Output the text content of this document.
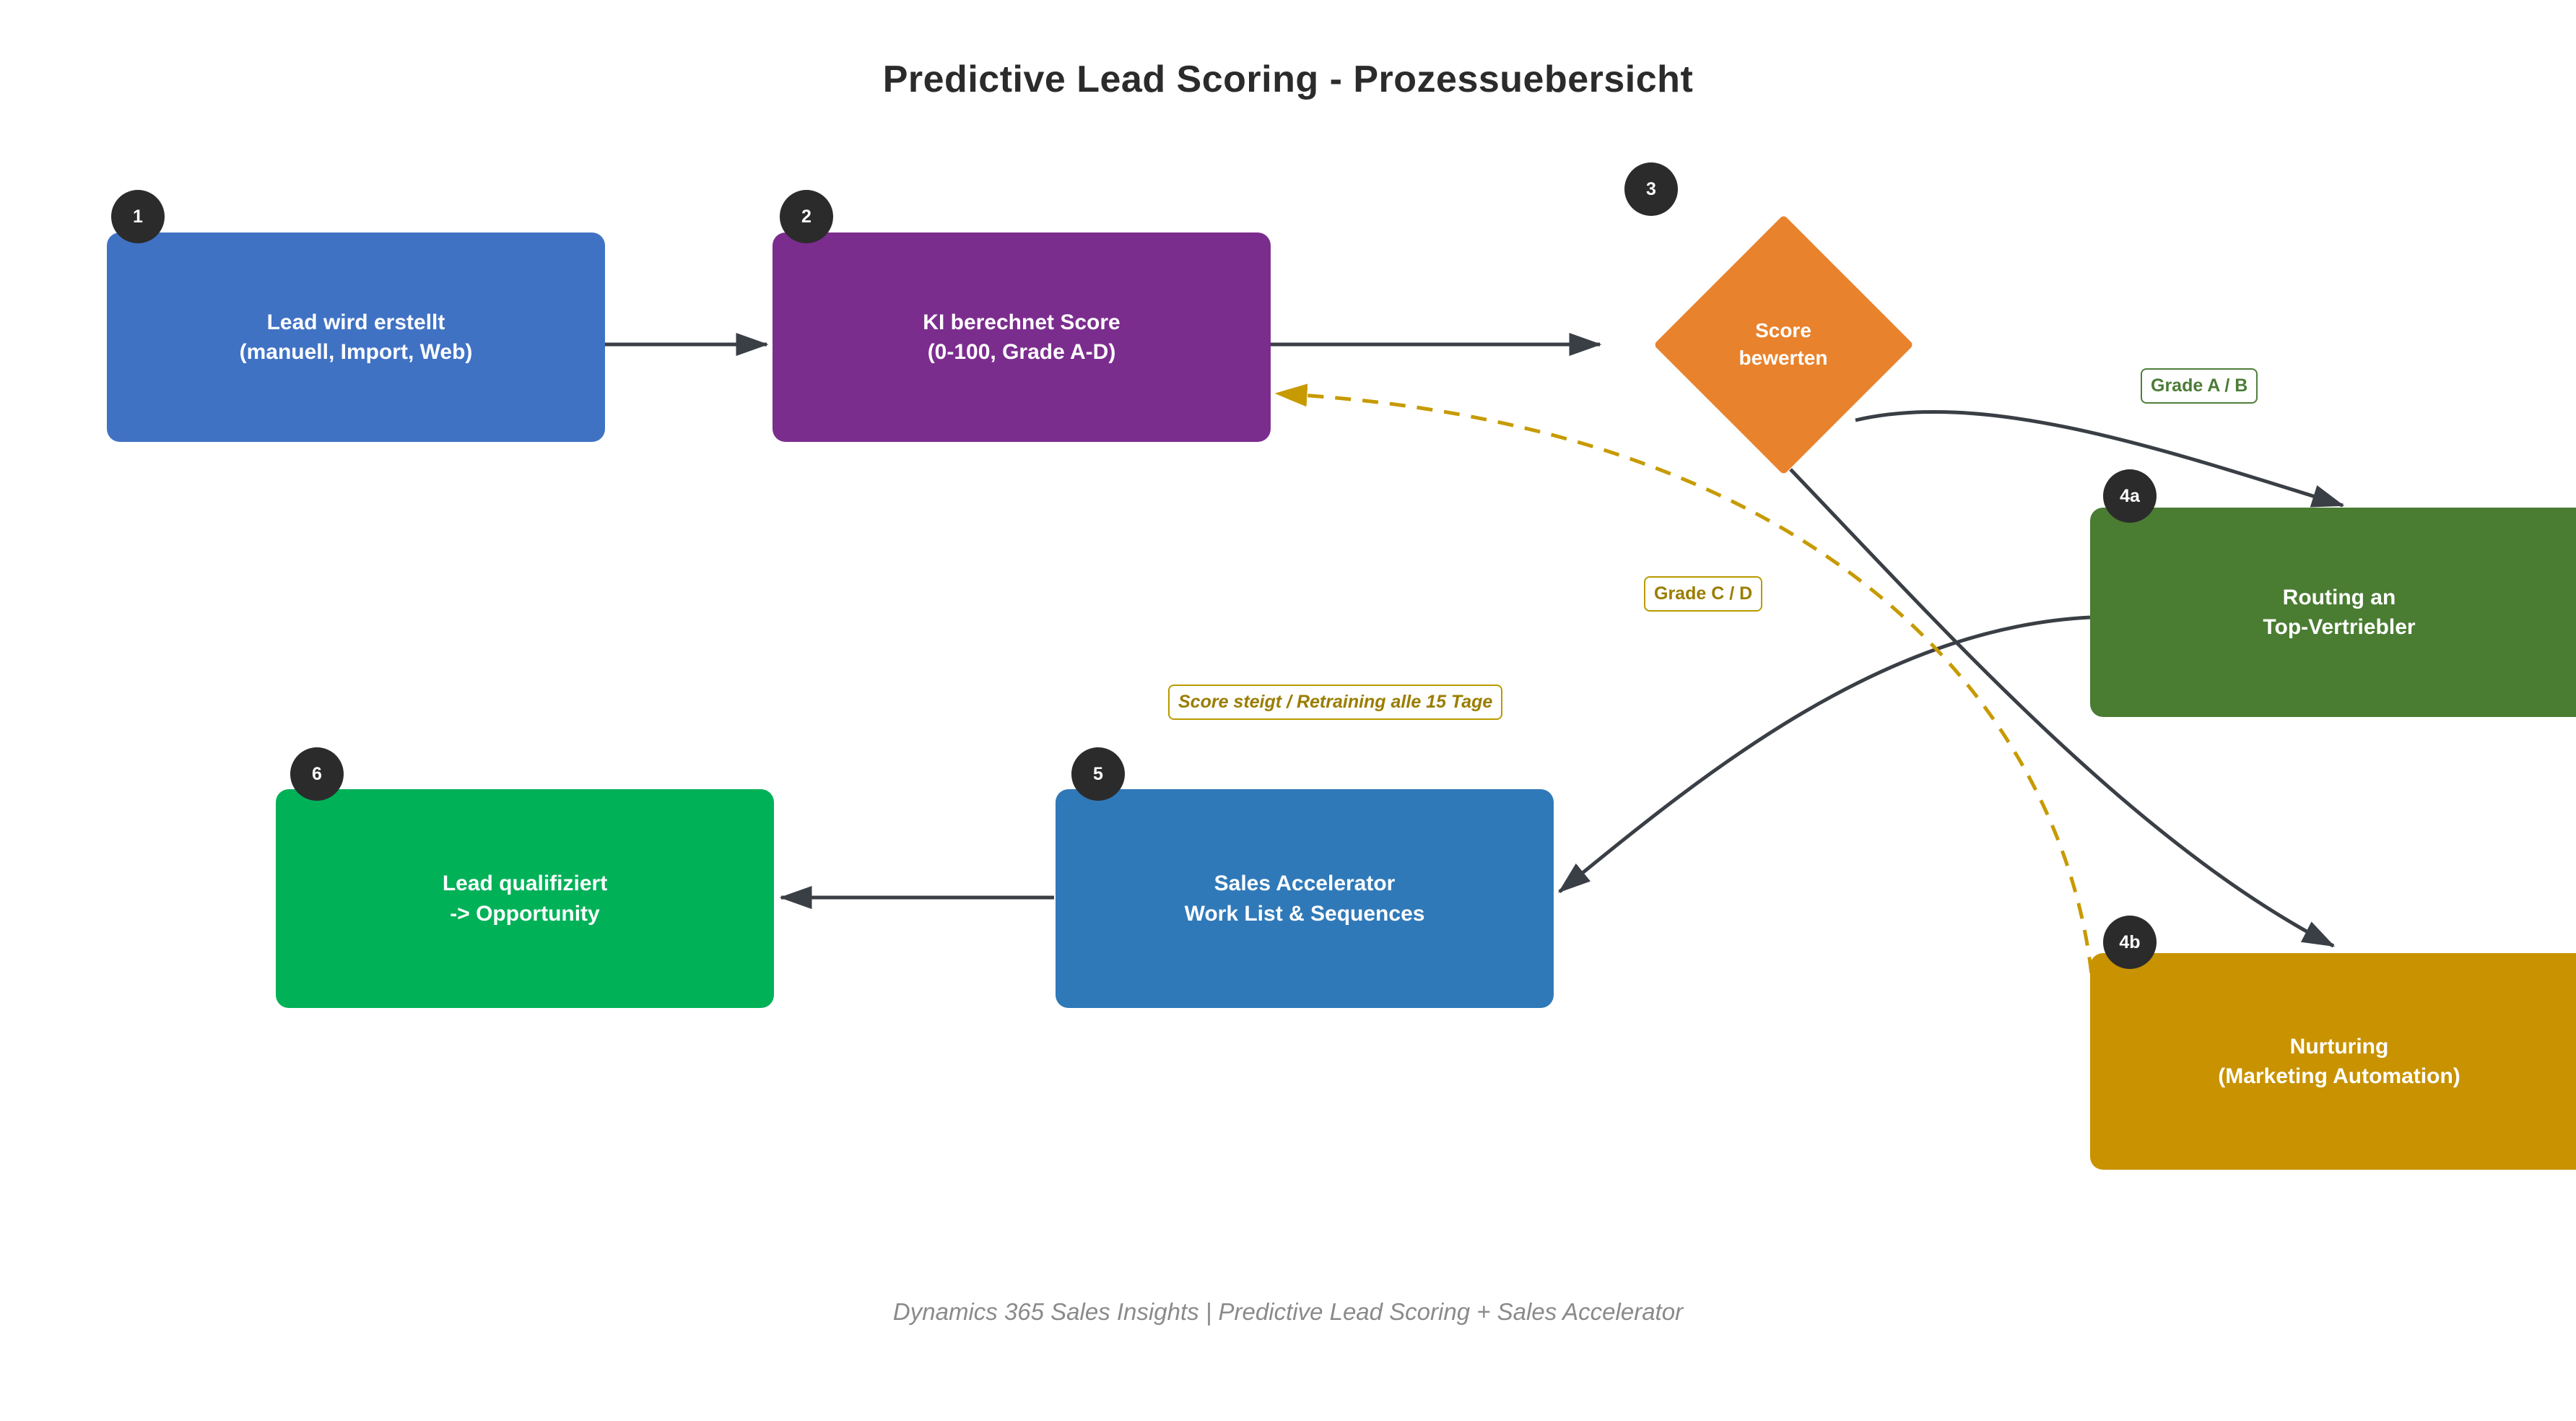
Predictive Lead Scoring - Prozessuebersicht
Lead wird erstellt
(manuell, Import, Web)
1
KI berechnet Score
(0-100, Grade A-D)
2
Score
bewerten
3
Routing an
Top-Vertriebler
4a
Nurturing
(Marketing Automation)
4b
Sales Accelerator
Work List & Sequences
5
Lead qualifiziert
-> Opportunity
6
Grade A / B
Grade C / D
Score steigt / Retraining alle 15 Tage
Dynamics 365 Sales Insights | Predictive Lead Scoring + Sales Accelerator
